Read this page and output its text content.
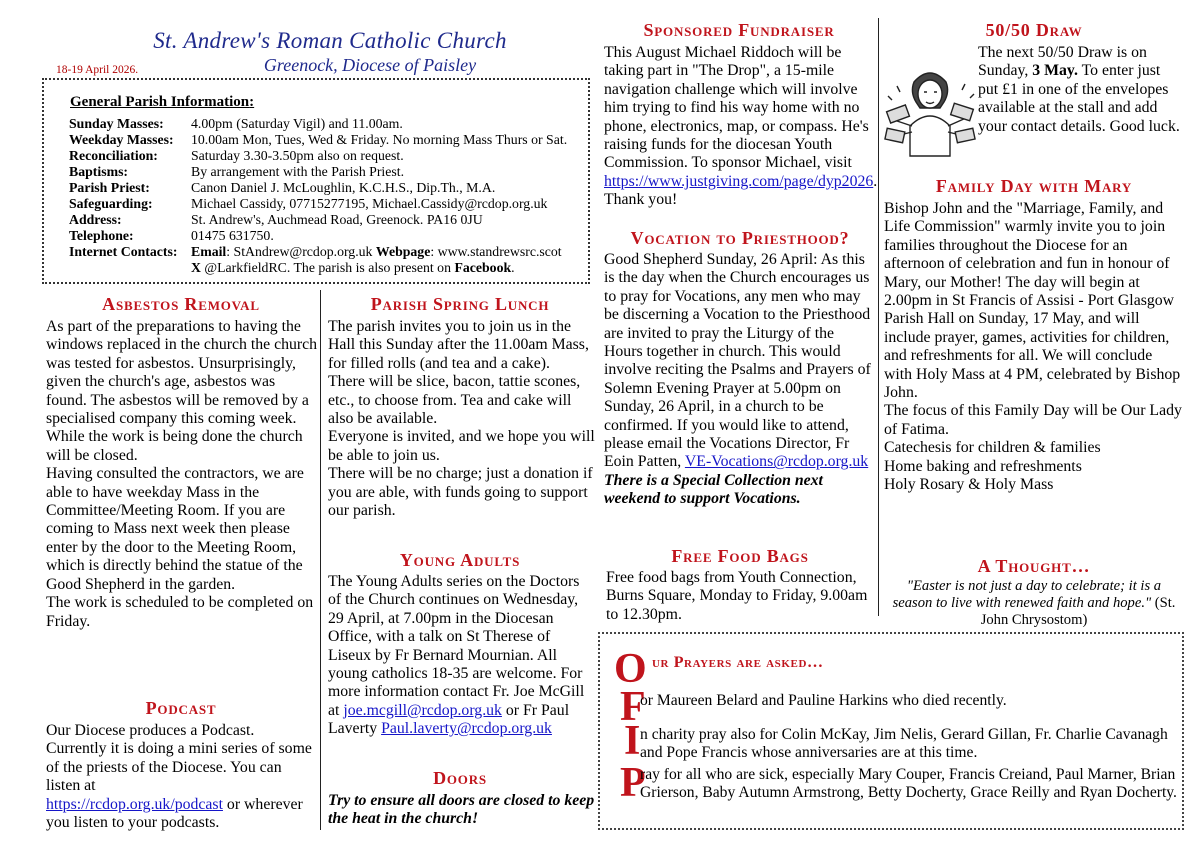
St. Andrew's Roman Catholic Church
18-19 April 2026.	Greenock, Diocese of Paisley
General Parish Information:
Sunday Masses: 4.00pm (Saturday Vigil) and 11.00am.
Weekday Masses: 10.00am Mon, Tues, Wed & Friday. No morning Mass Thurs or Sat.
Reconciliation: Saturday 3.30-3.50pm also on request.
Baptisms:	By arrangement with the Parish Priest.
Parish Priest:	Canon Daniel J. McLoughlin, K.C.H.S., Dip.Th., M.A.
Safeguarding:	Michael Cassidy, 07715277195, Michael.Cassidy@rcdop.org.uk
Address:	St. Andrew's, Auchmead Road, Greenock. PA16 0JU
Telephone:	01475 631750.
Internet Contacts: Email: StAndrew@rcdop.org.uk Webpage: www.standrewsrc.scot
X @LarkfieldRC. The parish is also present on Facebook.
Asbestos Removal

As part of the preparations to having the windows replaced in the church the church was tested for asbestos. Unsurprisingly, given the church's age, asbestos was found. The asbestos will be removed by a specialised company this coming week. While the work is being done the church will be closed.

Having consulted the contractors, we are able to have weekday Mass in the Committee/Meeting Room. If you are coming to Mass next week then please enter by the door to the Meeting Room, which is directly behind the statue of the Good Shepherd in the garden.

The work is scheduled to be completed on Friday.

Podcast
Our Diocese produces a Podcast. Currently it is doing a mini series of some of the priests of the Diocese. You can listen at
https://rcdop.org.uk/podcast or wherever you listen to your podcasts.
Parish Spring Lunch

The parish invites you to join us in the Hall this Sunday after the 11.00am Mass, for filled rolls (and tea and a cake).

There will be slice, bacon, tattie scones, etc., to choose from. Tea and cake will also be available.

Everyone is invited, and we hope you will be able to join us.

There will be no charge; just a donation if you are able, with funds going to support our parish.

Young Adults
The Young Adults series on the Doctors of the Church continues on Wednesday, 29 April, at 7.00pm in the Diocesan Office, with a talk on St Therese of Liseux by Fr Bernard Mournian. All young catholics 18-35 are welcome. For more information contact Fr. Joe McGill at joe.mcgill@rcdop.org.uk or Fr Paul Laverty Paul.laverty@rcdop.org.uk
Doors
Try to ensure all doors are closed to keep the heat in the church!
Sponsored Fundraiser
This August Michael Riddoch will be taking part in "The Drop", a 15-mile navigation challenge which will involve him trying to find his way home with no phone, electronics, map, or compass. He's raising funds for the diocesan Youth Commission. To sponsor Michael, visit https://www.justgiving.com/page/dyp2026. Thank you!
Vocation to Priesthood?
Good Shepherd Sunday, 26 April: As this is the day when the Church encourages us to pray for Vocations, any men who may be discerning a Vocation to the Priesthood are invited to pray the Liturgy of the Hours together in church. This would involve reciting the Psalms and Prayers of Solemn Evening Prayer at 5.00pm on Sunday, 26 April, in a church to be confirmed. If you would like to attend, please email the Vocations Director, Fr Eoin Patten, VE-Vocations@rcdop.org.uk
There is a Special Collection next weekend to support Vocations.
Free Food Bags
Free food bags from Youth Connection, Burns Square, Monday to Friday, 9.00am to 12.30pm.
50/50 Draw
The next 50/50 Draw is on Sunday, 3 May. To enter just put £1 in one of the envelopes available at the stall and add your contact details. Good luck.
Family Day with Mary

Bishop John and the "Marriage, Family, and Life Commission" warmly invite you to join families throughout the Diocese for an afternoon of celebration and fun in honour of Mary, our Mother! The day will begin at 2.00pm in St Francis of Assisi - Port Glasgow Parish Hall on Sunday, 17 May, and will include prayer, games, activities for children, and refreshments for all. We will conclude with Holy Mass at 4 PM, celebrated by Bishop John.

The focus of this Family Day will be Our Lady of Fatima.

Catechesis for children & families

Home baking and refreshments

Holy Rosary & Holy Mass

A Thought…
"Easter is not just a day to celebrate; it is a season to live with renewed faith and hope." (St. John Chrysostom)
O ur Prayers are asked…
F
or Maureen Belard and Pauline Harkins who died recently.
I n charity pray also for Colin McKay, Jim Nelis, Gerard Gillan, Fr. Charlie Cavanagh and Pope Francis whose anniversaries are at this time.
P
ray for all who are sick, especially Mary Couper, Francis Creiand, Paul Marner, Brian Grierson, Baby Autumn Armstrong, Betty Docherty, Grace Reilly and Ryan Docherty.
